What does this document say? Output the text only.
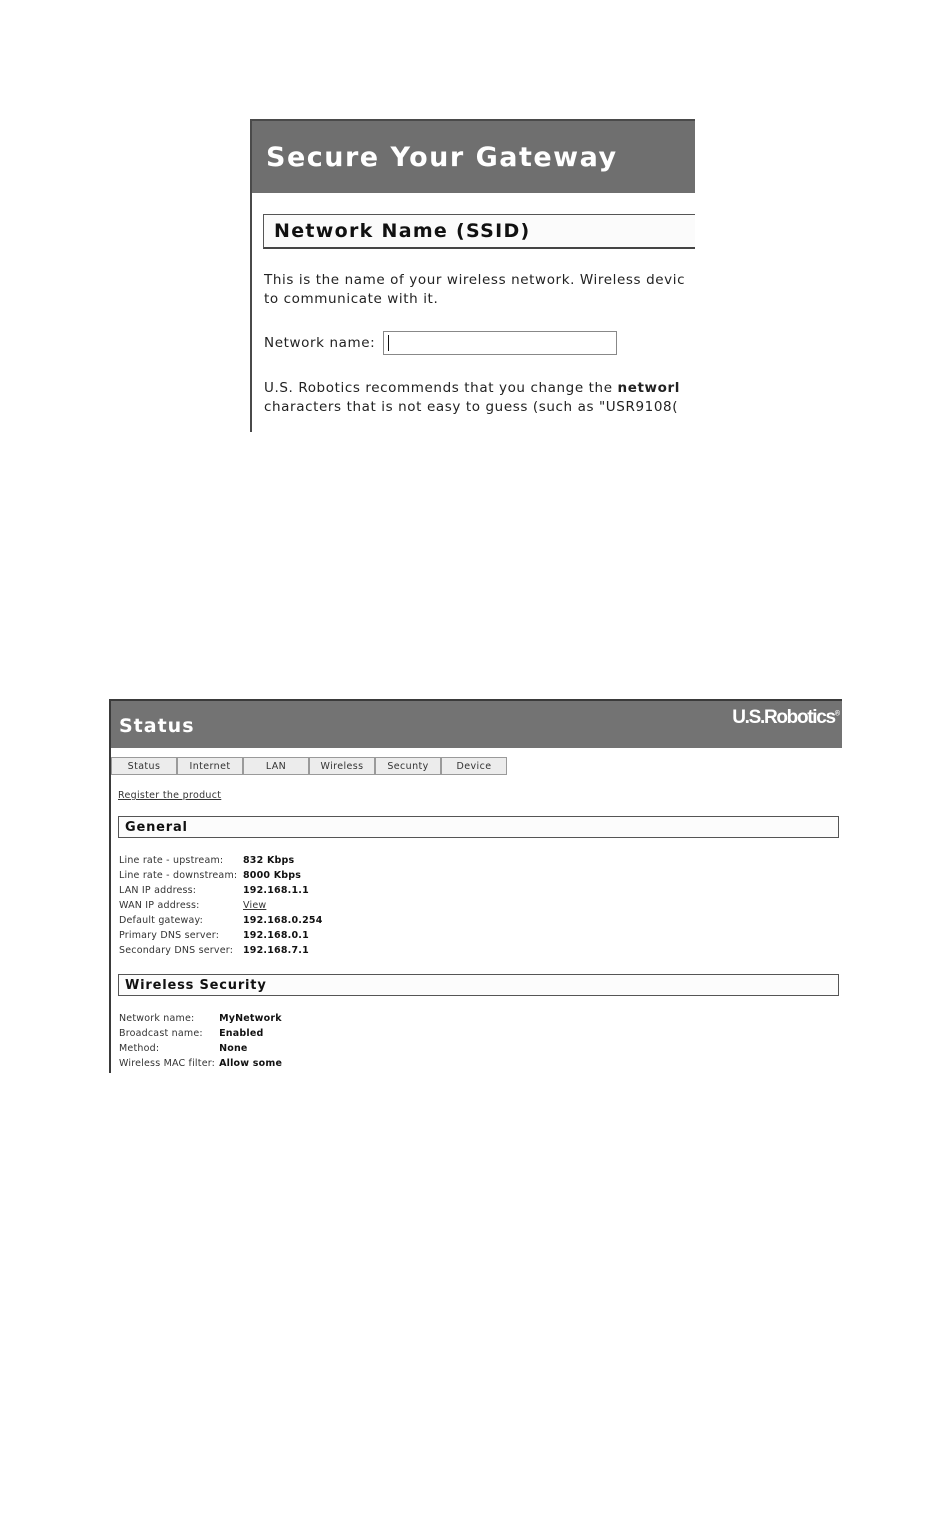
Secure Your Gateway
Network Name (SSID)
This is the name of your wireless network. Wireless devic
to communicate with it.
Network name:
U.S. Robotics recommends that you change the networl
characters that is not easy to guess (such as "USR9108(
Status	U.S.Robotics®
Status	Internet	LAN	Wireless	Secunty	Device
Register the product
General
Line rate - upstream:	832 Kbps
Line rate - downstream:	8000 Kbps
LAN IP address:	192.168.1.1
WAN IP address:	View
Default gateway:	192.168.0.254
Primary DNS server:	192.168.0.1
Secondary DNS server:	192.168.7.1
Wireless Security
Network name:	MyNetwork
Broadcast name:	Enabled
Method:	None
Wireless MAC filter:	Allow some
